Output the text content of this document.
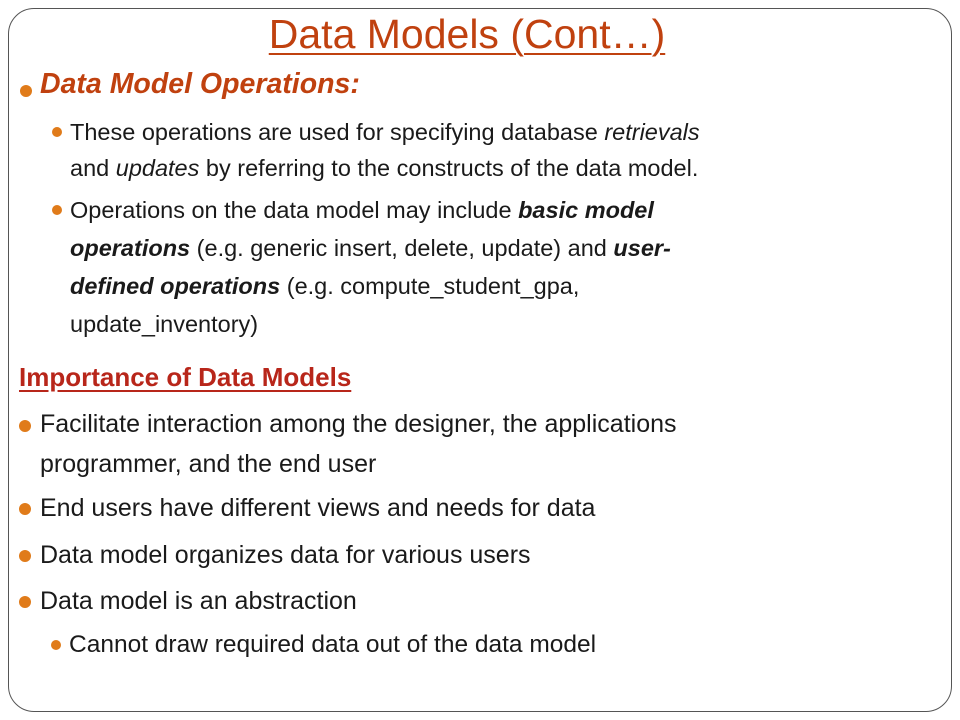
Data Models (Cont…)
Data Model Operations:
These operations are used for specifying database retrievals
and updates by referring to the constructs of the data model.
Operations on the data model may include basic model
operations (e.g. generic insert, delete, update) and user-
defined operations (e.g. compute_student_gpa,
update_inventory)
Importance of Data Models
Facilitate interaction among the designer, the applications
programmer, and the end user
End users have different views and needs for data
Data model organizes data for various users
Data model is an abstraction
Cannot draw required data out of the data model
